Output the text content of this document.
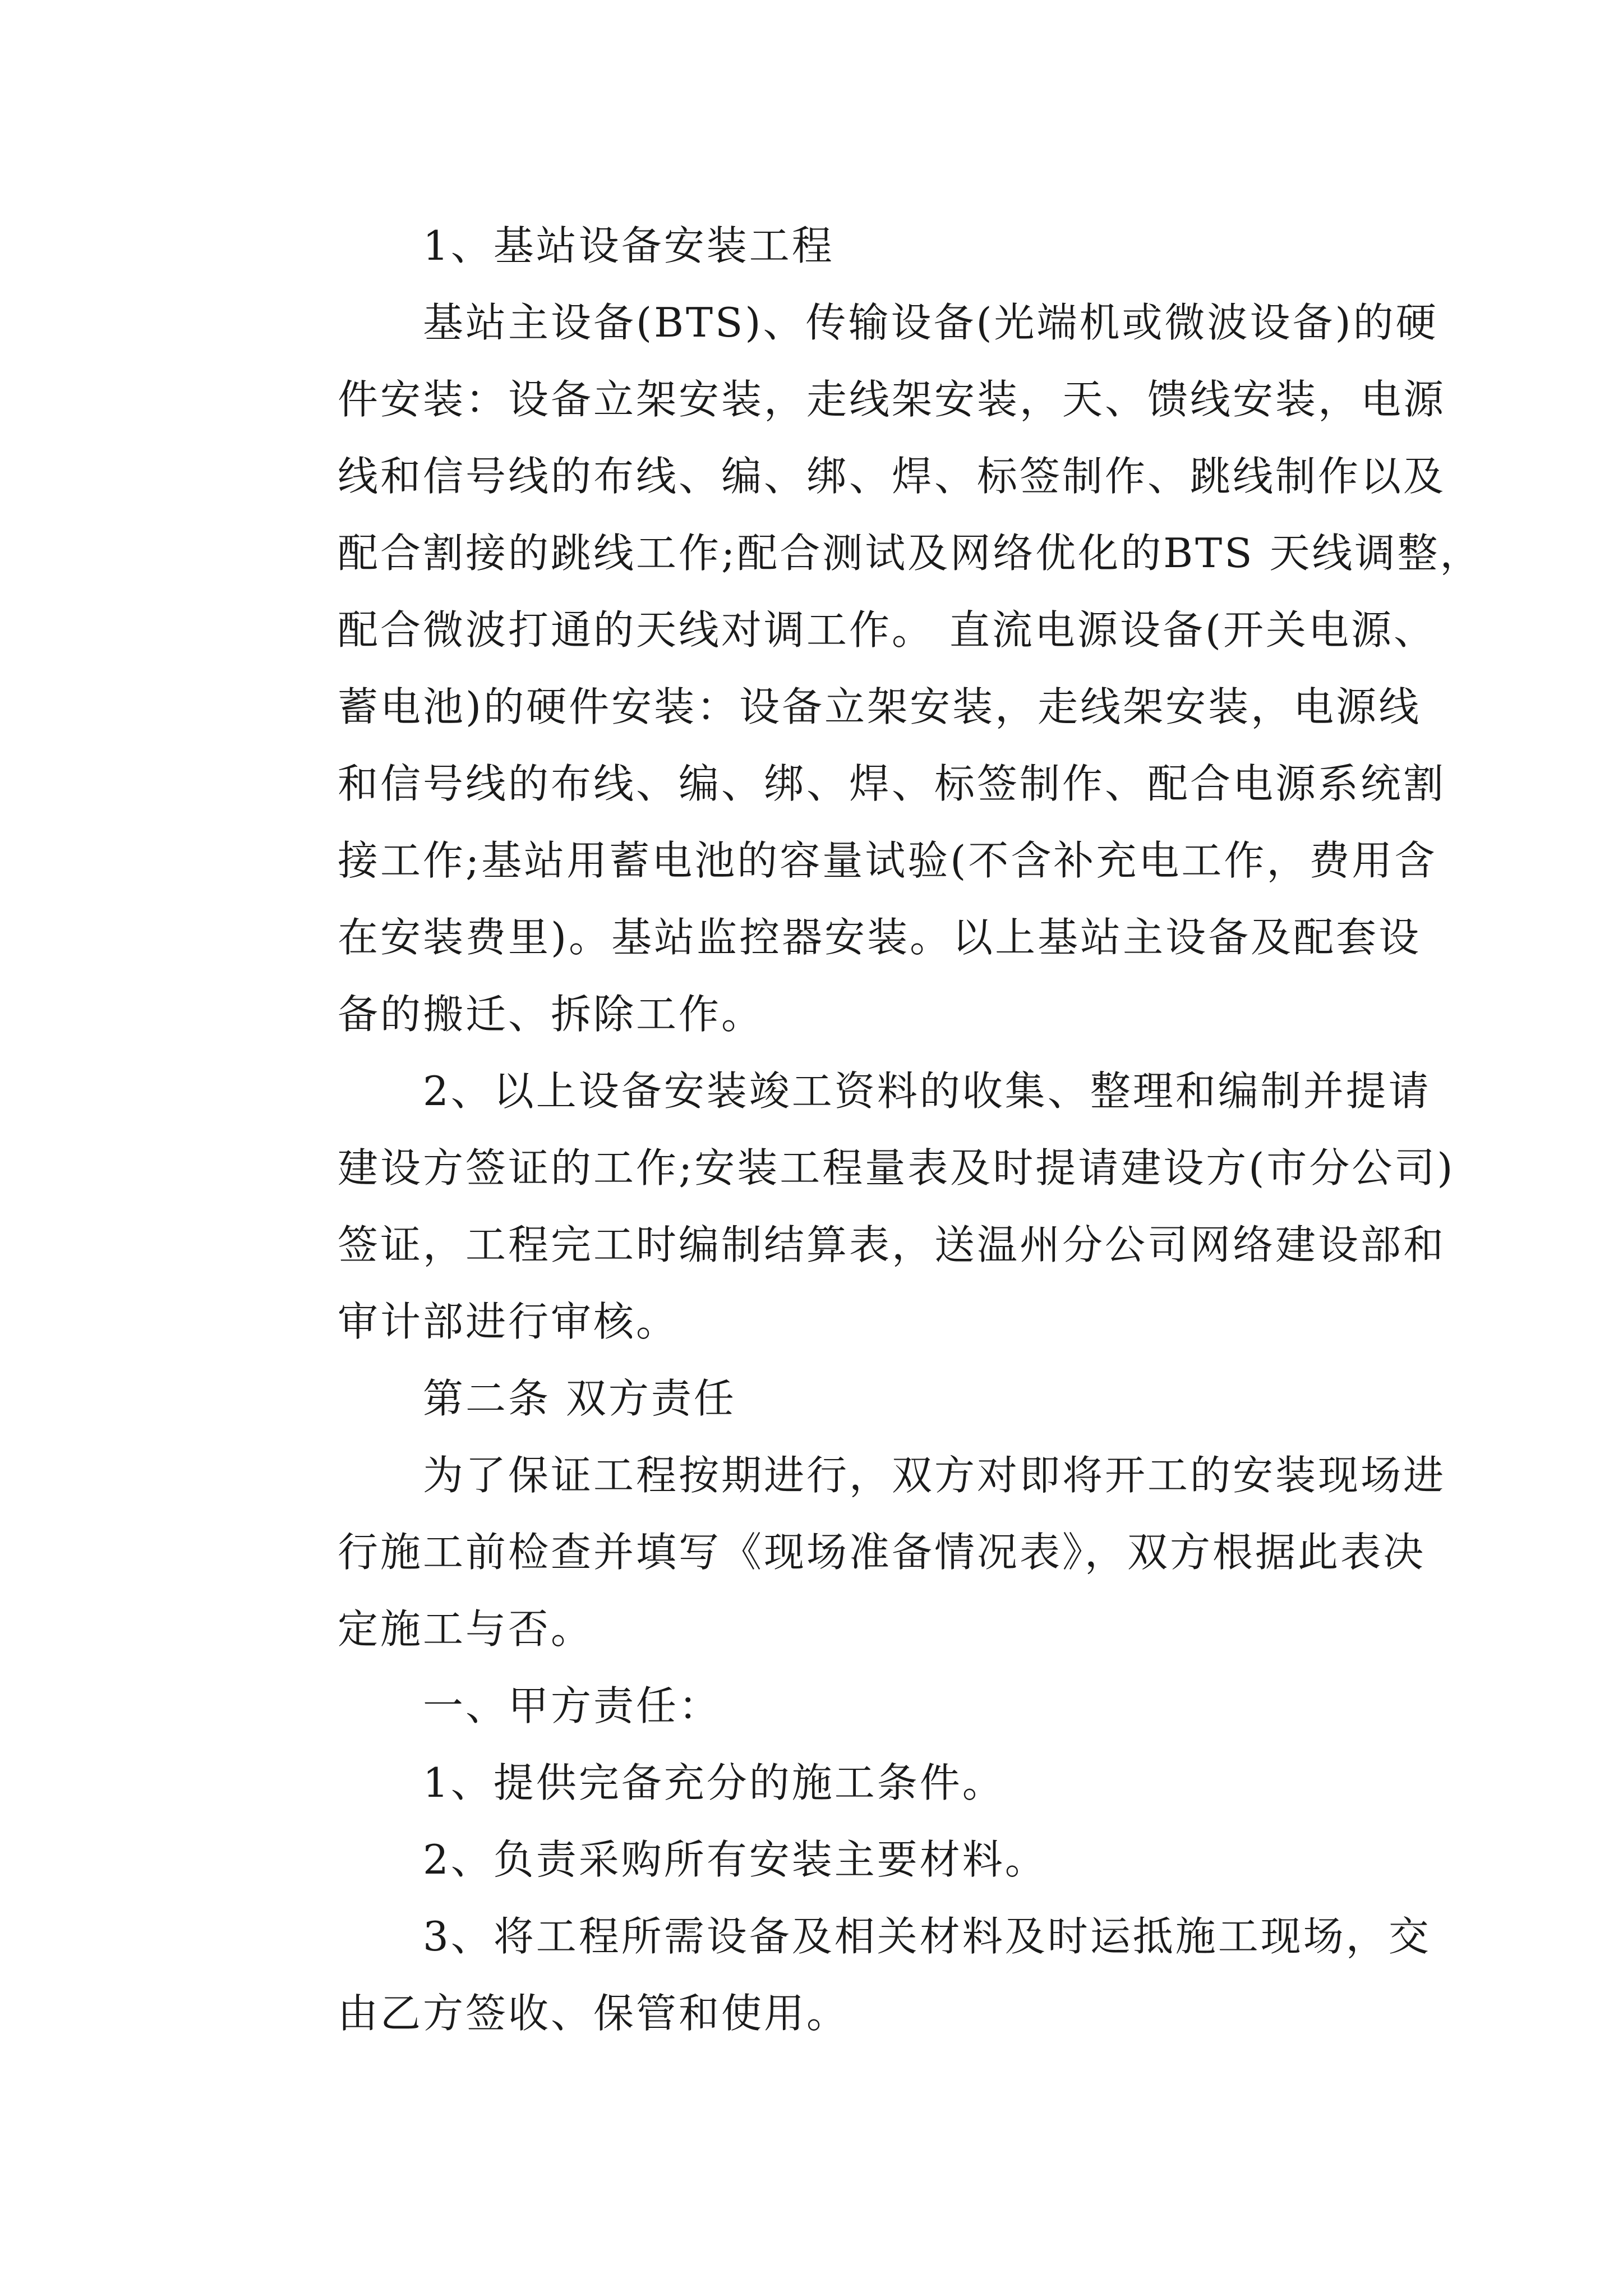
1、基站设备安装工程
基站主设备(BTS)、传输设备(光端机或微波设备)的硬
件安装：设备立架安装，走线架安装，天、馈线安装，电源
线和信号线的布线、编、绑、焊、标签制作、跳线制作以及
配合割接的跳线工作;配合测试及网络优化的BTS 天线调整，
配合微波打通的天线对调工作。 直流电源设备(开关电源、
蓄电池)的硬件安装：设备立架安装，走线架安装，电源线
和信号线的布线、编、绑、焊、标签制作、配合电源系统割
接工作;基站用蓄电池的容量试验(不含补充电工作，费用含
在安装费里)。基站监控器安装。以上基站主设备及配套设
备的搬迁、拆除工作。
2、以上设备安装竣工资料的收集、整理和编制并提请
建设方签证的工作;安装工程量表及时提请建设方(市分公司)
签证，工程完工时编制结算表，送温州分公司网络建设部和
审计部进行审核。
第二条 双方责任
为了保证工程按期进行，双方对即将开工的安装现场进
行施工前检查并填写《现场准备情况表》，双方根据此表决
定施工与否。
一、甲方责任：
1、提供完备充分的施工条件。
2、负责采购所有安装主要材料。
3、将工程所需设备及相关材料及时运抵施工现场，交
由乙方签收、保管和使用。
